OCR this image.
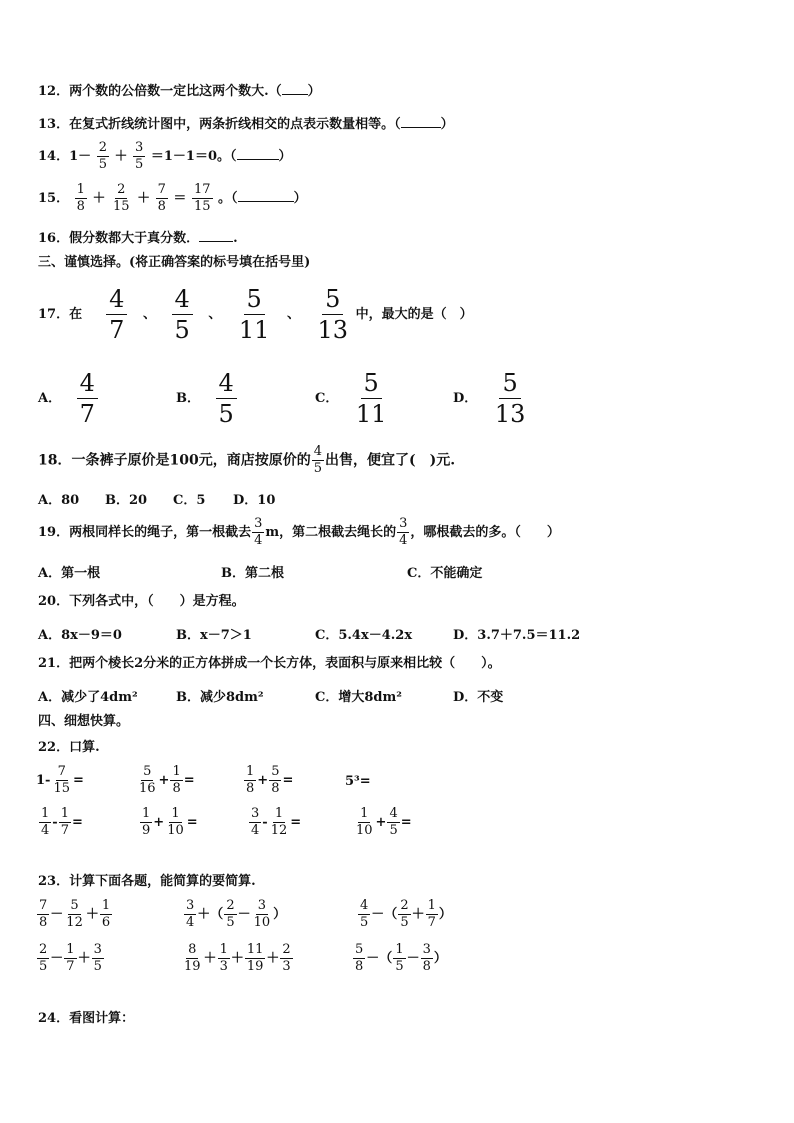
12．两个数的公倍数一定比这两个数大.（ ）
13．在复式折线统计图中，两条折线相交的点表示数量相等。（	）
14．$1- \frac{2}{5} + \frac{3}{5} =1-1=0$。（	）
15． $\frac{1}{8} + \frac{2}{15} + \frac{7}{8} = \frac{17}{15}$ 。（	）
16．假分数都大于真分数．	.
三、谨慎选择。(将正确答案的标号填在括号里)
17．在 $\frac{4}{7}$ 、 $\frac{4}{5}$ 、 $\frac{5}{11}$ 、 $\frac{5}{13}$ 中，最大的是（　）
A． $\frac{4}{7}$	B． $\frac{4}{5}$	C． $\frac{5}{11}$	D． $\frac{5}{13}$
18．一条裤子原价是100元，商店按原价的 $\frac{4}{5}$ 出售，便宜了(　)元.
A．80 B．20 C．5 D．10
19．两根同样长的绳子，第一根截去 $\frac{3}{4}$ m，第二根截去绳长的 $\frac{3}{4}$ ，哪根截去的多。（　　）
A．第一根	B．第二根	C．不能确定
20．下列各式中，（　　）是方程。
A．8x－9＝0	B．x－7＞1	C．5.4x－4.2x	D．3.7＋7.5＝11.2
21．把两个棱长2分米的正方体拼成一个长方体，表面积与原来相比较（　　）。
A．减少了4dm²	B．减少8dm²	C．增大8dm²	D．不变
四、细想快算。
22．口算.
$1- \frac{7}{15}$ =	$\frac{5}{16} + \frac{1}{8}$ =	$\frac{1}{8} + \frac{5}{8}$ =	5³=
$\frac{1}{4} - \frac{1}{7}$ =	$\frac{1}{9} + \frac{1}{10}$ =	$\frac{3}{4} - \frac{1}{12}$ =	$\frac{1}{10} + \frac{4}{5}$ =
23．计算下面各题，能简算的要简算.
$\frac{7}{8} - \frac{5}{12} + \frac{1}{6}$	$\frac{3}{4}$ ＋（ $\frac{2}{5} - \frac{3}{10}$ ）	$\frac{4}{5}$ －（ $\frac{2}{5} + \frac{1}{7}$ ）
$\frac{2}{5} - \frac{1}{7} + \frac{3}{5}$	$\frac{8}{19} + \frac{1}{3} + \frac{11}{19} + \frac{2}{3}$	$\frac{5}{8}$ －（ $\frac{1}{5} - \frac{3}{8}$ ）
24．看图计算：
